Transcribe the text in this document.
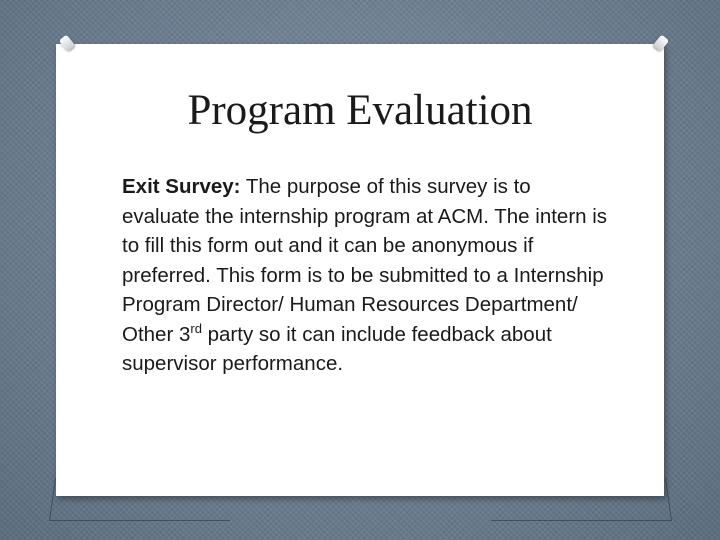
Program Evaluation

Exit Survey: The purpose of this survey is to evaluate the internship program at ACM. The intern is to fill this form out and it can be anonymous if preferred. This form is to be submitted to a Internship Program Director/ Human Resources Department/ Other 3rd party so it can include feedback about supervisor performance.
